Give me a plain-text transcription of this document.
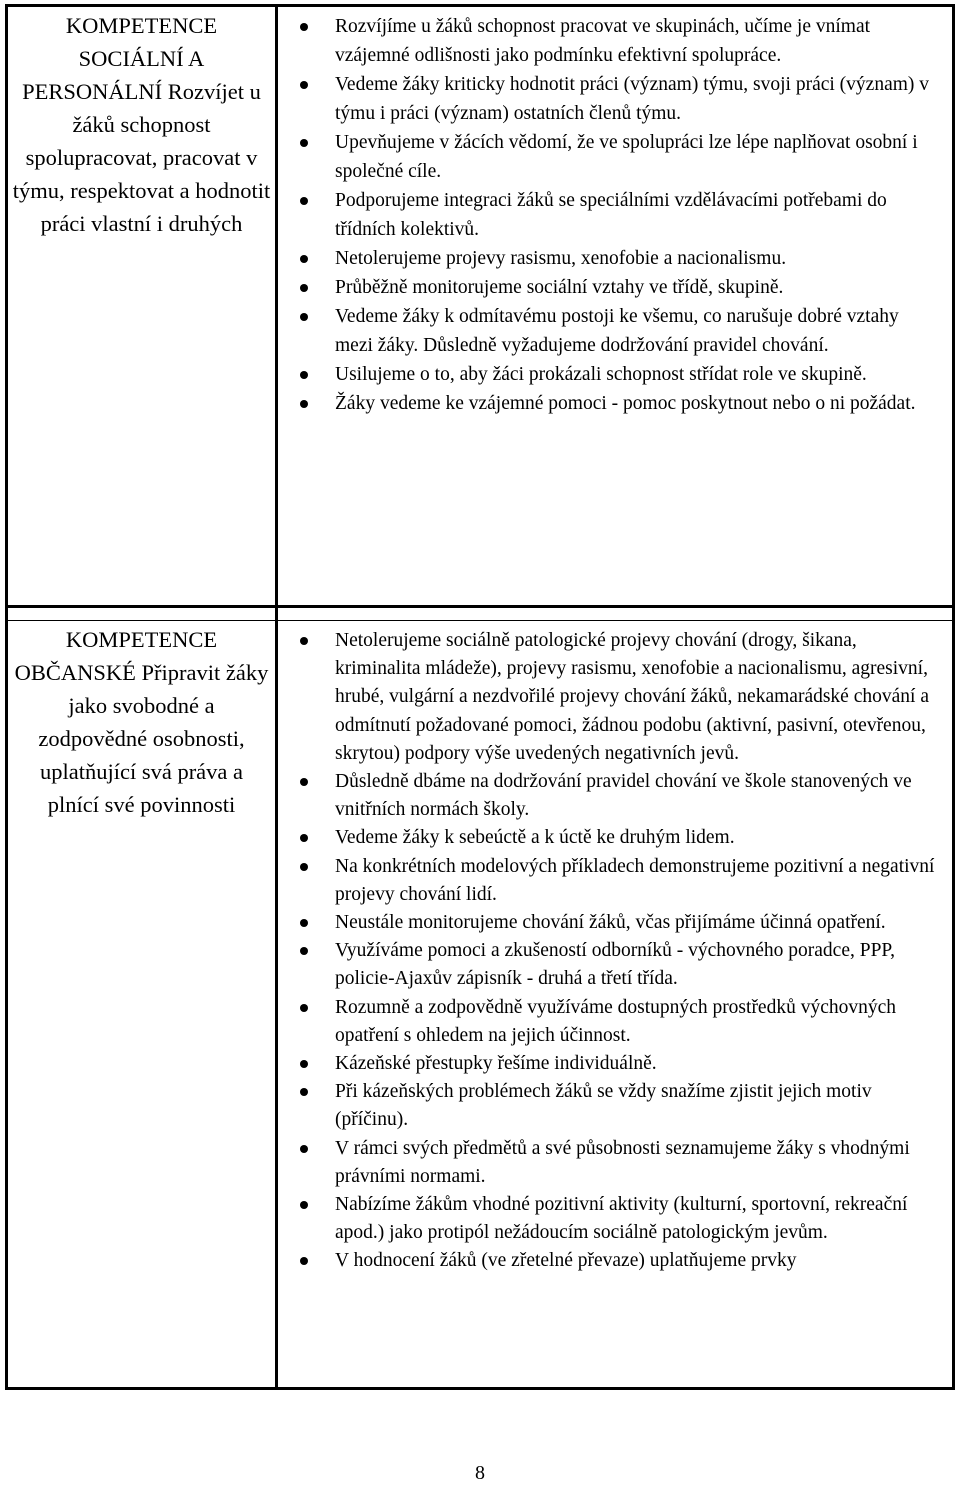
KOMPETENCE SOCIÁLNÍ A PERSONÁLNÍ Rozvíjet u žáků schopnost spolupracovat, pracovat v týmu, respektovat a hodnotit práci vlastní i druhých
Rozvíjíme u žáků schopnost pracovat ve skupinách, učíme je vnímat vzájemné odlišnosti jako podmínku efektivní spolupráce.
Vedeme žáky kriticky hodnotit práci (význam) týmu, svoji práci (význam) v týmu i práci (význam) ostatních členů týmu.
Upevňujeme v žácích vědomí, že ve spolupráci lze lépe naplňovat osobní i společné cíle.
Podporujeme integraci žáků se speciálními vzdělávacími potřebami do třídních kolektivů.
Netolerujeme projevy rasismu, xenofobie a nacionalismu.
Průběžně monitorujeme sociální vztahy ve třídě, skupině.
Vedeme žáky k odmítavému postoji ke všemu, co narušuje dobré vztahy mezi žáky. Důsledně vyžadujeme dodržování pravidel chování.
Usilujeme o to, aby žáci prokázali schopnost střídat role ve skupině.
Žáky vedeme ke vzájemné pomoci - pomoc poskytnout nebo o ni požádat.
KOMPETENCE OBČANSKÉ Připravit žáky jako svobodné a zodpovědné osobnosti, uplatňující svá práva a plnící své povinnosti
Netolerujeme sociálně patologické projevy chování (drogy, šikana, kriminalita mládeže), projevy rasismu, xenofobie a nacionalismu, agresivní, hrubé, vulgární a nezdvořilé projevy chování žáků, nekamarádské chování a odmítnutí požadované pomoci, žádnou podobu (aktivní, pasivní, otevřenou, skrytou) podpory výše uvedených negativních jevů.
Důsledně dbáme na dodržování pravidel chování ve škole stanovených ve vnitřních normách školy.
Vedeme žáky k sebeúctě a k úctě ke druhým lidem.
Na konkrétních modelových příkladech demonstrujeme pozitivní a negativní projevy chování lidí.
Neustále monitorujeme chování žáků, včas přijímáme účinná opatření.
Využíváme pomoci a zkušeností odborníků - výchovného poradce, PPP, policie-Ajaxův zápisník - druhá a třetí třída.
Rozumně a zodpovědně využíváme dostupných prostředků výchovných opatření s ohledem na jejich účinnost.
Kázeňské přestupky řešíme individuálně.
Při kázeňských problémech žáků se vždy snažíme zjistit jejich motiv (příčinu).
V rámci svých předmětů a své působnosti seznamujeme žáky s vhodnými právními normami.
Nabízíme žákům vhodné pozitivní aktivity (kulturní, sportovní, rekreační apod.) jako protipól nežádoucím sociálně patologickým jevům.
V hodnocení žáků (ve zřetelné převaze) uplatňujeme prvky
8
